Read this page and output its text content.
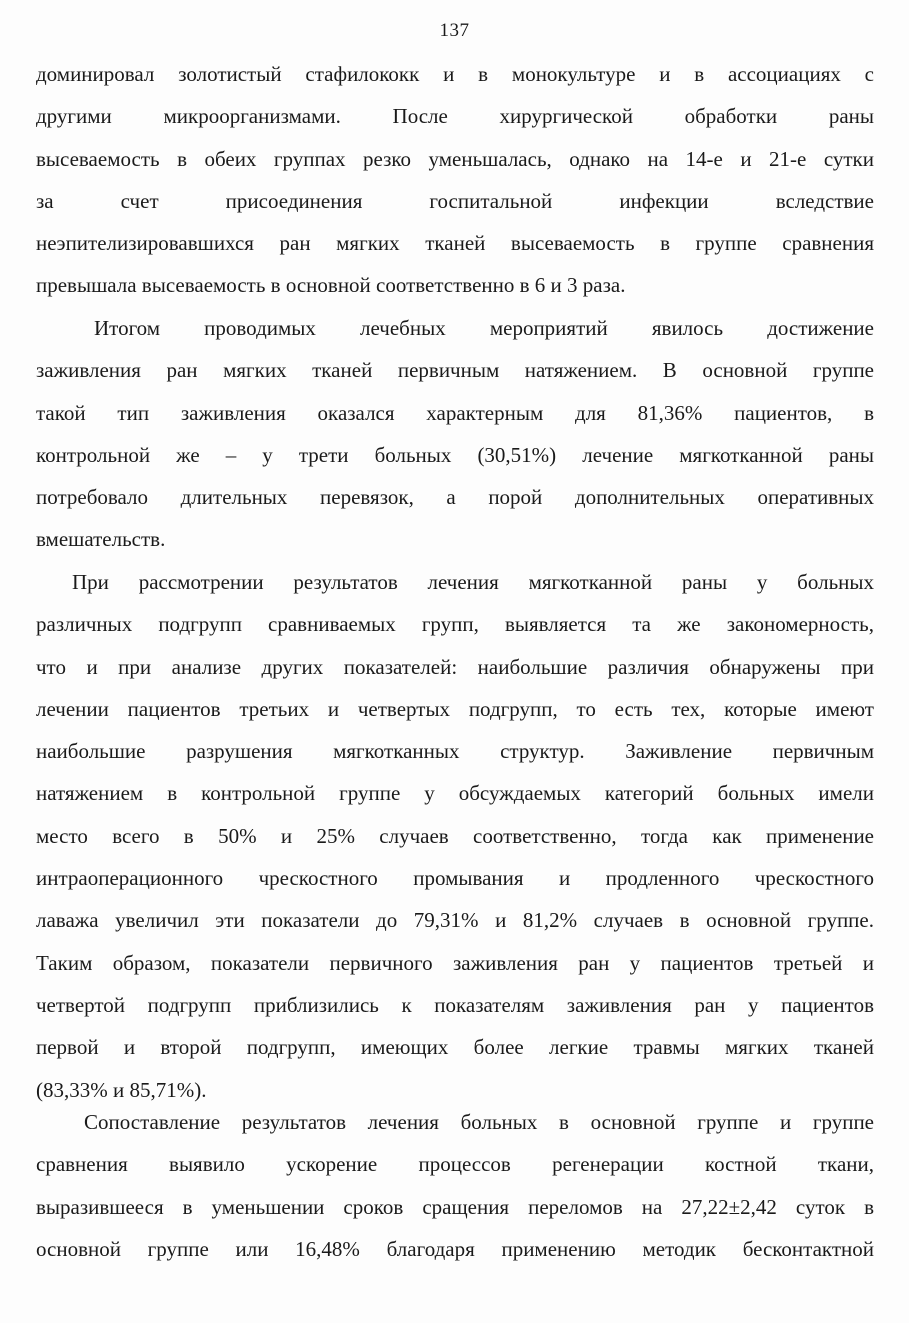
137
доминировал золотистый стафилококк и в монокультуре и в ассоциациях с
другими микроорганизмами. После хирургической обработки раны
высеваемость в обеих группах резко уменьшалась, однако на 14-е и 21-е сутки
за счет присоединения госпитальной инфекции вследствие
неэпителизировавшихся ран мягких тканей высеваемость в группе сравнения
превышала высеваемость в основной соответственно в 6 и 3 раза.
Итогом проводимых лечебных мероприятий явилось достижение
заживления ран мягких тканей первичным натяжением. В основной группе
такой тип заживления оказался характерным для 81,36% пациентов, в
контрольной же – у трети больных (30,51%) лечение мягкотканной раны
потребовало длительных перевязок, а порой дополнительных оперативных
вмешательств.
При рассмотрении результатов лечения мягкотканной раны у больных
различных подгрупп сравниваемых групп, выявляется та же закономерность,
что и при анализе других показателей: наибольшие различия обнаружены при
лечении пациентов третьих и четвертых подгрупп, то есть тех, которые имеют
наибольшие разрушения мягкотканных структур. Заживление первичным
натяжением в контрольной группе у обсуждаемых категорий больных имели
место всего в 50% и 25% случаев соответственно, тогда как применение
интраоперационного чрескостного промывания и продленного чрескостного
лаважа увеличил эти показатели до 79,31% и 81,2% случаев в основной группе.
Таким образом, показатели первичного заживления ран у пациентов третьей и
четвертой подгрупп приблизились к показателям заживления ран у пациентов
первой и второй подгрупп, имеющих более легкие травмы мягких тканей
(83,33% и 85,71%).
Сопоставление результатов лечения больных в основной группе и группе
сравнения выявило ускорение процессов регенерации костной ткани,
выразившееся в уменьшении сроков сращения переломов на 27,22±2,42 суток в
основной группе или 16,48% благодаря применению методик бесконтактной
